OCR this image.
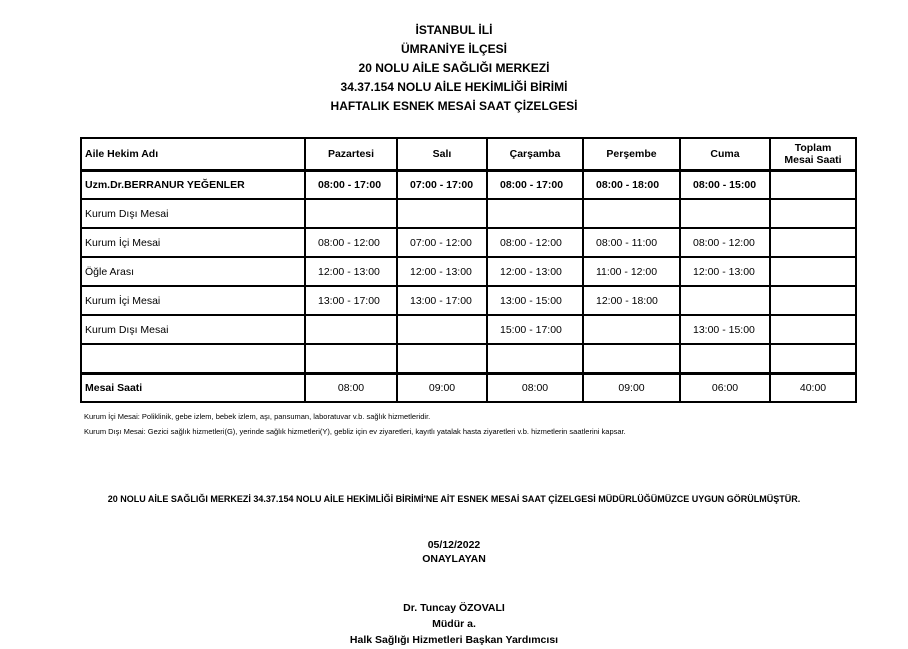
İSTANBUL İLİ
ÜMRANİYE İLÇESİ
20 NOLU AİLE SAĞLIĞI MERKEZİ
34.37.154 NOLU AİLE HEKİMLİĞİ BİRİMİ
HAFTALIK ESNEK MESAİ SAAT ÇİZELGESİ
Aile Hekim Adı	Pazartesi	Salı	Çarşamba	Perşembe	Cuma	Toplam
Mesai Saati
Uzm.Dr.BERRANUR YEĞENLER	08:00 - 17:00	07:00 - 17:00	08:00 - 17:00	08:00 - 18:00	08:00 - 15:00	
Kurum Dışı Mesai						
Kurum İçi Mesai	08:00 - 12:00	07:00 - 12:00	08:00 - 12:00	08:00 - 11:00	08:00 - 12:00	
Öğle Arası	12:00 - 13:00	12:00 - 13:00	12:00 - 13:00	11:00 - 12:00	12:00 - 13:00	
Kurum İçi Mesai	13:00 - 17:00	13:00 - 17:00	13:00 - 15:00	12:00 - 18:00		
Kurum Dışı Mesai			15:00 - 17:00		13:00 - 15:00	

Mesai Saati	08:00	09:00	08:00	09:00	06:00	40:00
Kurum İçi Mesai: Poliklinik, gebe izlem, bebek izlem, aşı, pansuman, laboratuvar v.b. sağlık hizmetleridir.
Kurum Dışı Mesai: Gezici sağlık hizmetleri(G), yerinde sağlık hizmetleri(Y), gebliz için ev ziyaretleri, kayıtlı yatalak hasta ziyaretleri v.b. hizmetlerin saatlerini kapsar.
20 NOLU AİLE SAĞLIĞI MERKEZİ 34.37.154 NOLU AİLE HEKİMLİĞİ BİRİMİ'NE AİT ESNEK MESAİ SAAT ÇİZELGESİ MÜDÜRLÜĞÜMÜZCE UYGUN GÖRÜLMÜŞTÜR.
05/12/2022
ONAYLAYAN
Dr. Tuncay ÖZOVALI
Müdür a.
Halk Sağlığı Hizmetleri Başkan Yardımcısı
